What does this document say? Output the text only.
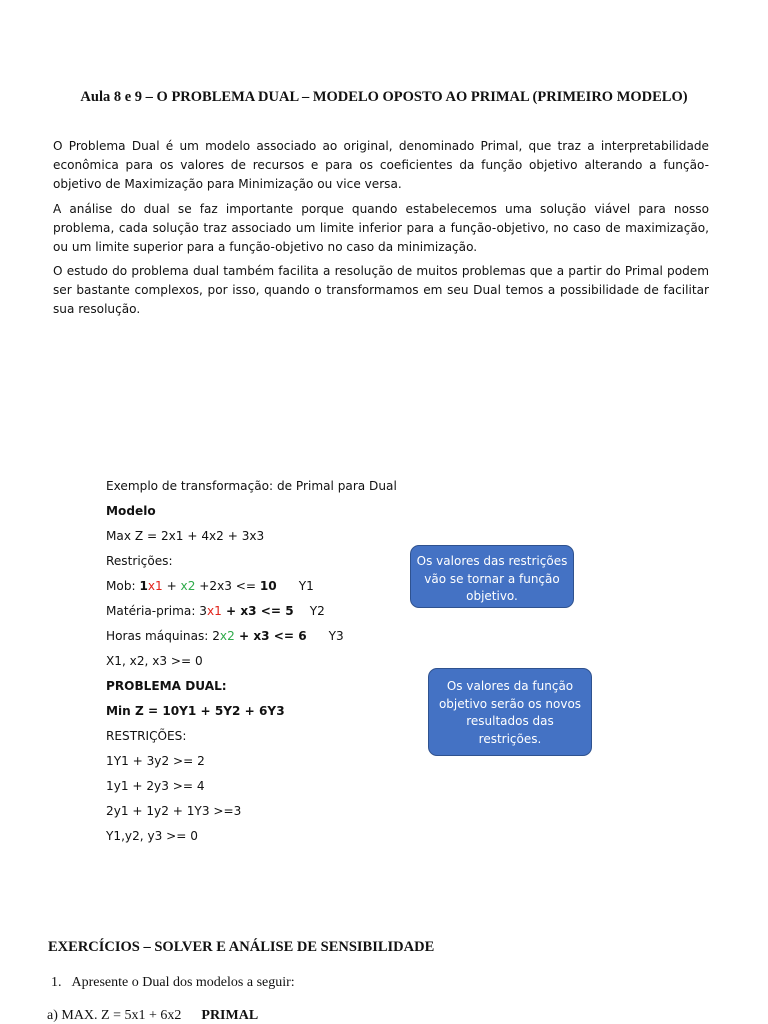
Aula 8 e 9 – O PROBLEMA DUAL – MODELO OPOSTO AO PRIMAL (PRIMEIRO MODELO)

O Problema Dual é um modelo associado ao original, denominado Primal, que traz a interpretabilidade econômica para os valores de recursos e para os coeficientes da função objetivo alterando a função-objetivo de Maximização para Minimização ou vice versa.

A análise do dual se faz importante porque quando estabelecemos uma solução viável para nosso problema, cada solução traz associado um limite inferior para a função-objetivo, no caso de maximização, ou um limite superior para a função-objetivo no caso da minimização.

O estudo do problema dual também facilita a resolução de muitos problemas que a partir do Primal podem ser bastante complexos, por isso, quando o transformamos em seu Dual temos a possibilidade de facilitar sua resolução.

Exemplo de transformação: de Primal para Dual
Modelo
Max Z = 2x1 + 4x2 + 3x3
Restrições:
Mob: 1x1 + x2 +2x3 <= 10 Y1
Matéria-prima: 3x1 + x3 <= 5 Y2
Horas máquinas: 2x2 + x3 <= 6 Y3
X1, x2, x3 >= 0
PROBLEMA DUAL:
Min Z = 10Y1 + 5Y2 + 6Y3
RESTRIÇÕES:
1Y1 + 3y2 >= 2
1y1 + 2y3 >= 4
2y1 + 1y2 + 1Y3 >=3
Y1,y2, y3 >= 0
Os valores das restrições
vão se tornar a função
objetivo.
Os valores da função
objetivo serão os novos
resultados das
restrições.
EXERCÍCIOS – SOLVER E ANÁLISE DE SENSIBILIDADE
1. Apresente o Dual dos modelos a seguir:
a) MAX. Z = 5x1 + 6x2 PRIMAL
